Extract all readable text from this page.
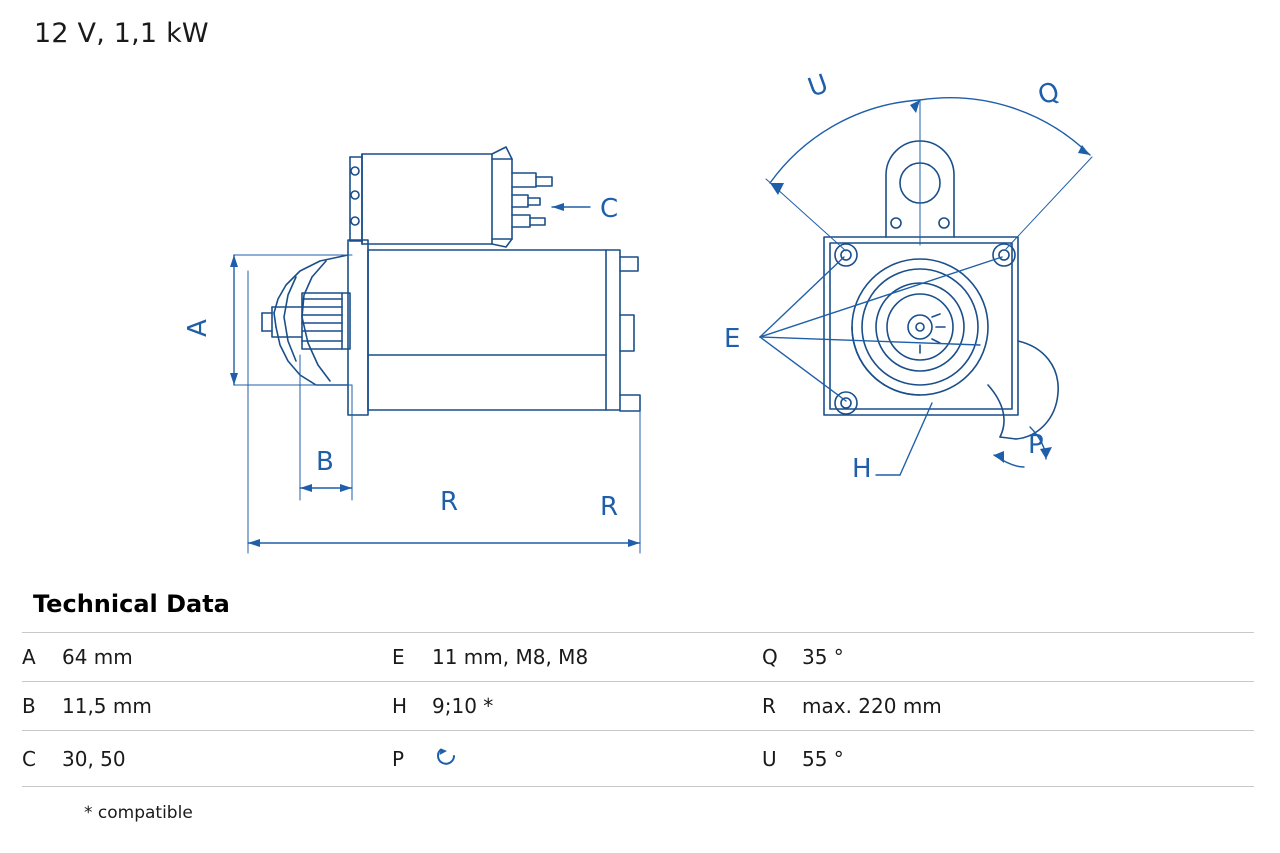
12 V, 1,1 kW
A
B
R
C
U	Q
E
H
P
R
Technical Data
A	64 mm	E	11 mm, M8, M8	Q	35 °
B	11,5 mm	H	9;10 *	R	max. 220 mm
C	30, 50	P		U	55 °
* compatible
